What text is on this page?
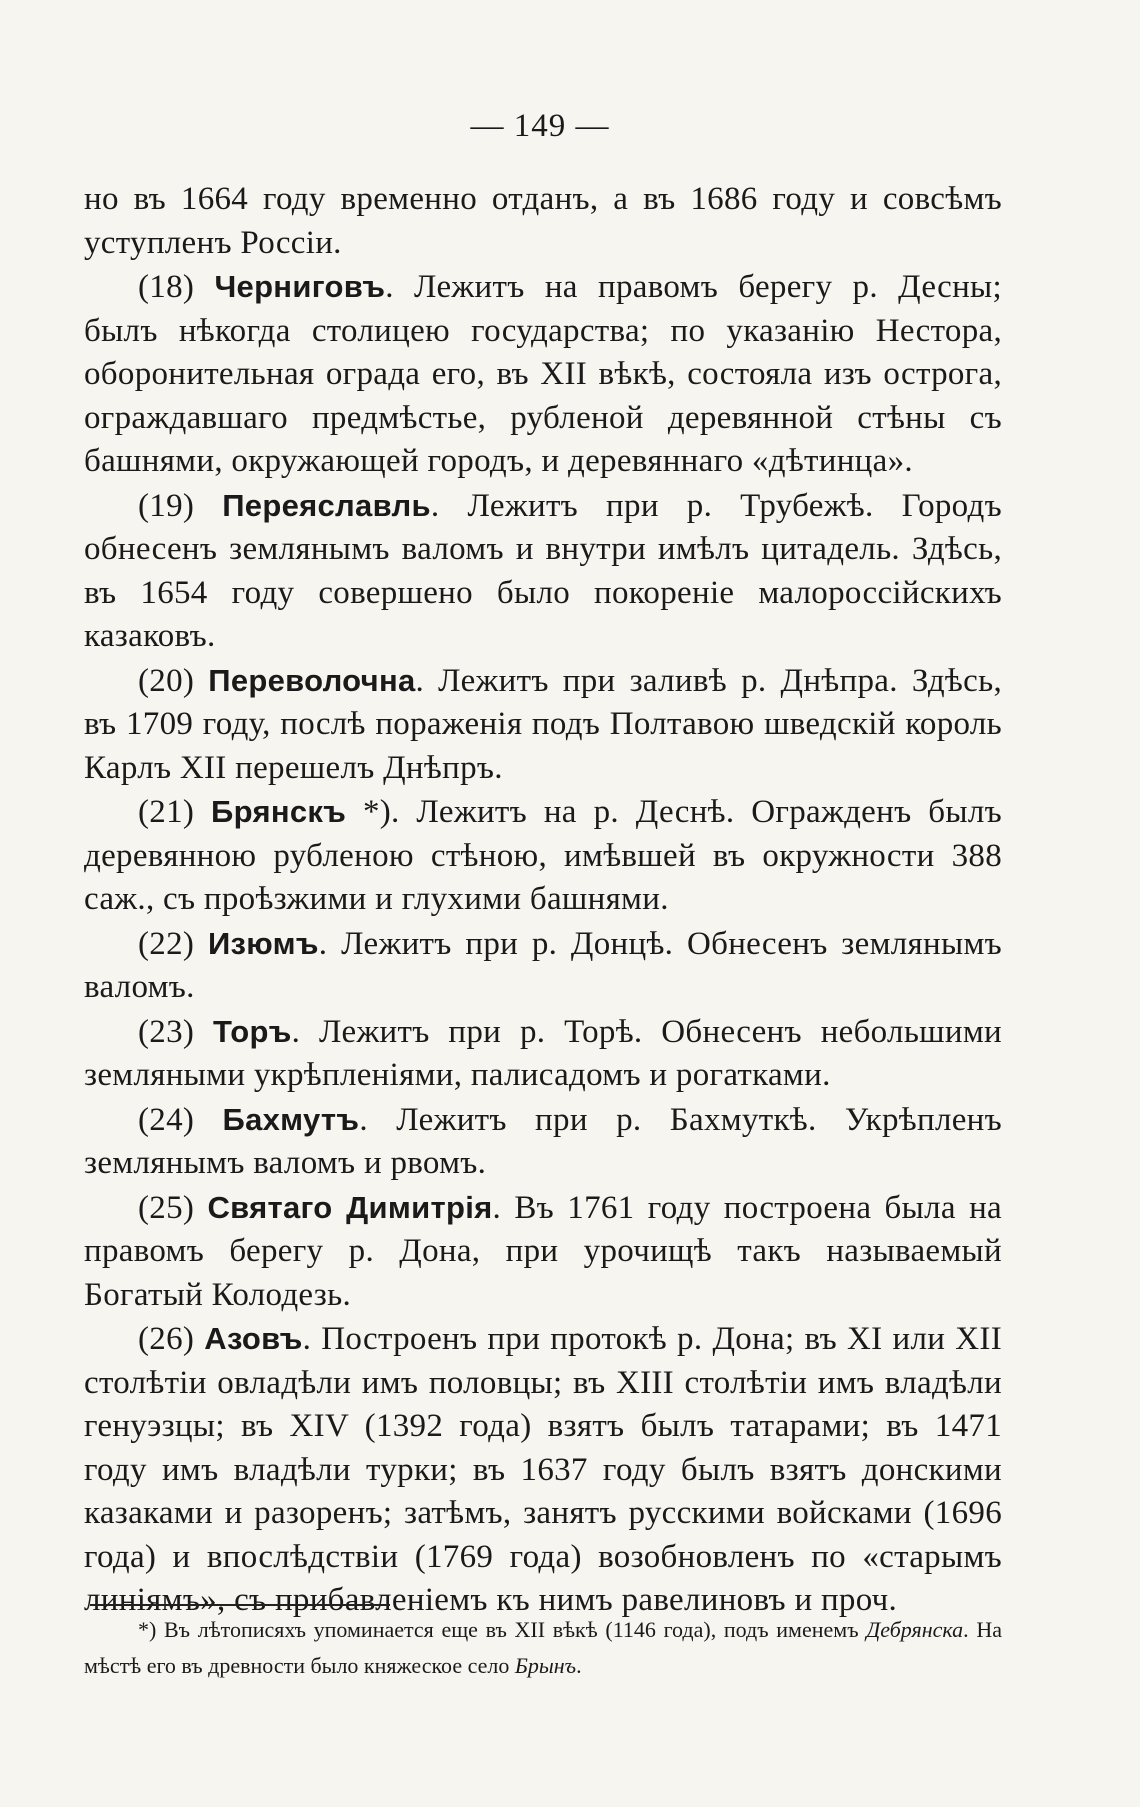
— 149 —

но въ 1664 году временно отданъ, а въ 1686 году и совсѣмъ уступленъ Россіи.

(18) Черниговъ. Лежитъ на правомъ берегу р. Десны; былъ нѣкогда столицею государства; по указанію Нестора, оборонительная ограда его, въ XII вѣкѣ, состояла изъ острога, ограждавшаго предмѣстье, рубленой деревянной стѣны съ башнями, окружающей городъ, и деревяннаго «дѣтинца».

(19) Переяславль. Лежитъ при р. Трубежѣ. Городъ обнесенъ землянымъ валомъ и внутри имѣлъ цитадель. Здѣсь, въ 1654 году совершено было покореніе малороссійскихъ казаковъ.

(20) Переволочна. Лежитъ при заливѣ р. Днѣпра. Здѣсь, въ 1709 году, послѣ пораженія подъ Полтавою шведскій король Карлъ XII перешелъ Днѣпръ.

(21) Брянскъ *). Лежитъ на р. Деснѣ. Огражденъ былъ деревянною рубленою стѣною, имѣвшей въ окружности 388 саж., съ проѣзжими и глухими башнями.

(22) Изюмъ. Лежитъ при р. Донцѣ. Обнесенъ землянымъ валомъ.

(23) Торъ. Лежитъ при р. Торѣ. Обнесенъ небольшими земляными укрѣпленіями, палисадомъ и рогатками.

(24) Бахмутъ. Лежитъ при р. Бахмуткѣ. Укрѣпленъ землянымъ валомъ и рвомъ.

(25) Святаго Димитрія. Въ 1761 году построена была на правомъ берегу р. Дона, при урочищѣ такъ называемый Богатый Колодезь.

(26) Азовъ. Построенъ при протокѣ р. Дона; въ XI или XII столѣтіи овладѣли имъ половцы; въ XIII столѣтіи имъ владѣли генуэзцы; въ XIV (1392 года) взятъ былъ татарами; въ 1471 году имъ владѣли турки; въ 1637 году былъ взятъ донскими казаками и разоренъ; затѣмъ, занятъ русскими войсками (1696 года) и впослѣдствіи (1769 года) возобновленъ по «старымъ линіямъ», съ прибавленіемъ къ нимъ равелиновъ и проч.

*) Въ лѣтописяхъ упоминается еще въ XII вѣкѣ (1146 года), подъ именемъ Дебрянска. На мѣстѣ его въ древности было княжеское село Брынъ.
